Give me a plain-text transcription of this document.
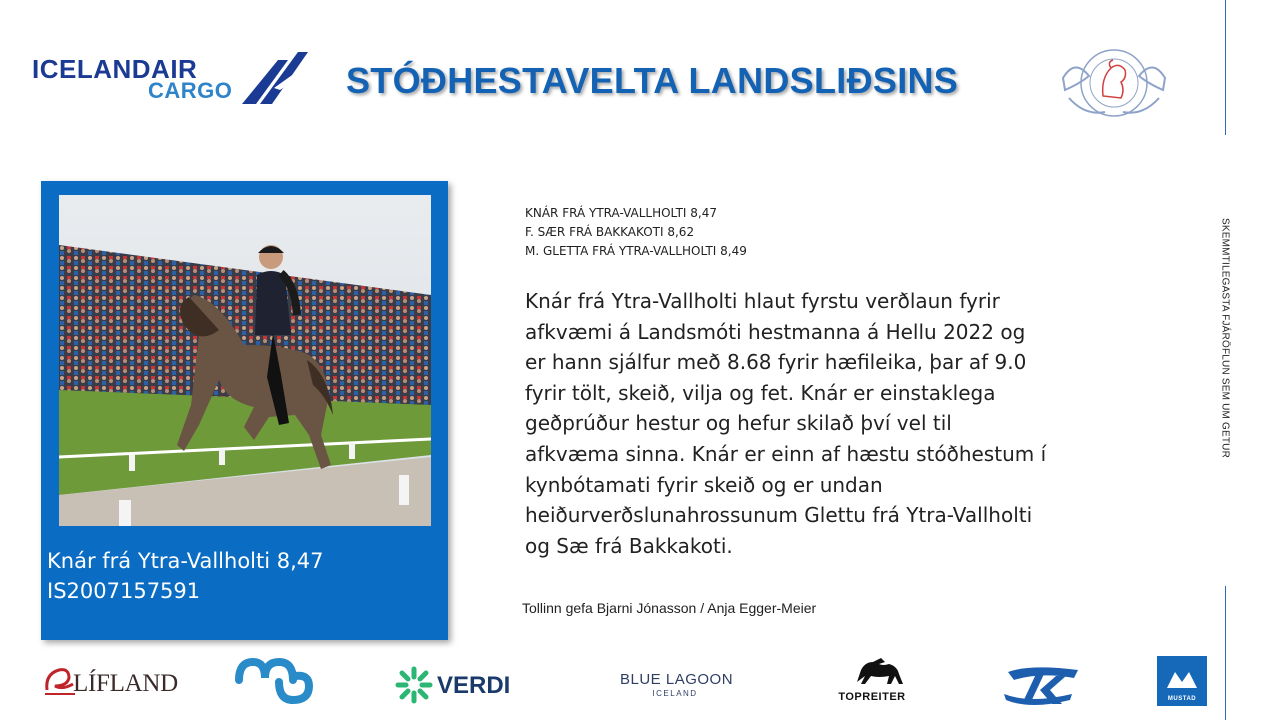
ICELANDAIR
CARGO	STÓÐHESTAVELTA LANDSLIÐSINS
SKEMMTILEGASTA FJÁRÖFLUN SEM UM GETUR
Knár frá Ytra-Vallholti 8,47
IS2007157591
KNÁR FRÁ YTRA-VALLHOLTI 8,47
F. SÆR FRÁ BAKKAKOTI 8,62
M. GLETTA FRÁ YTRA-VALLHOLTI 8,49
Knár frá Ytra-Vallholti hlaut fyrstu verðlaun fyrir
afkvæmi á Landsmóti hestmanna á Hellu 2022 og
er hann sjálfur með 8.68 fyrir hæfileika, þar af 9.0
fyrir tölt, skeið, vilja og fet. Knár er einstaklega
geðprúður hestur og hefur skilað því vel til
afkvæma sinna. Knár er einn af hæstu stóðhestum í
kynbótamati fyrir skeið og er undan
heiðurverðslunahrossunum Glettu frá Ytra-Vallholti
og Sæ frá Bakkakoti.
Tollinn gefa Bjarni Jónasson / Anja Egger-Meier
LÍFLAND	VERDI	BLUE LAGOON
ICELAND	TOPREITER	MUSTAD
